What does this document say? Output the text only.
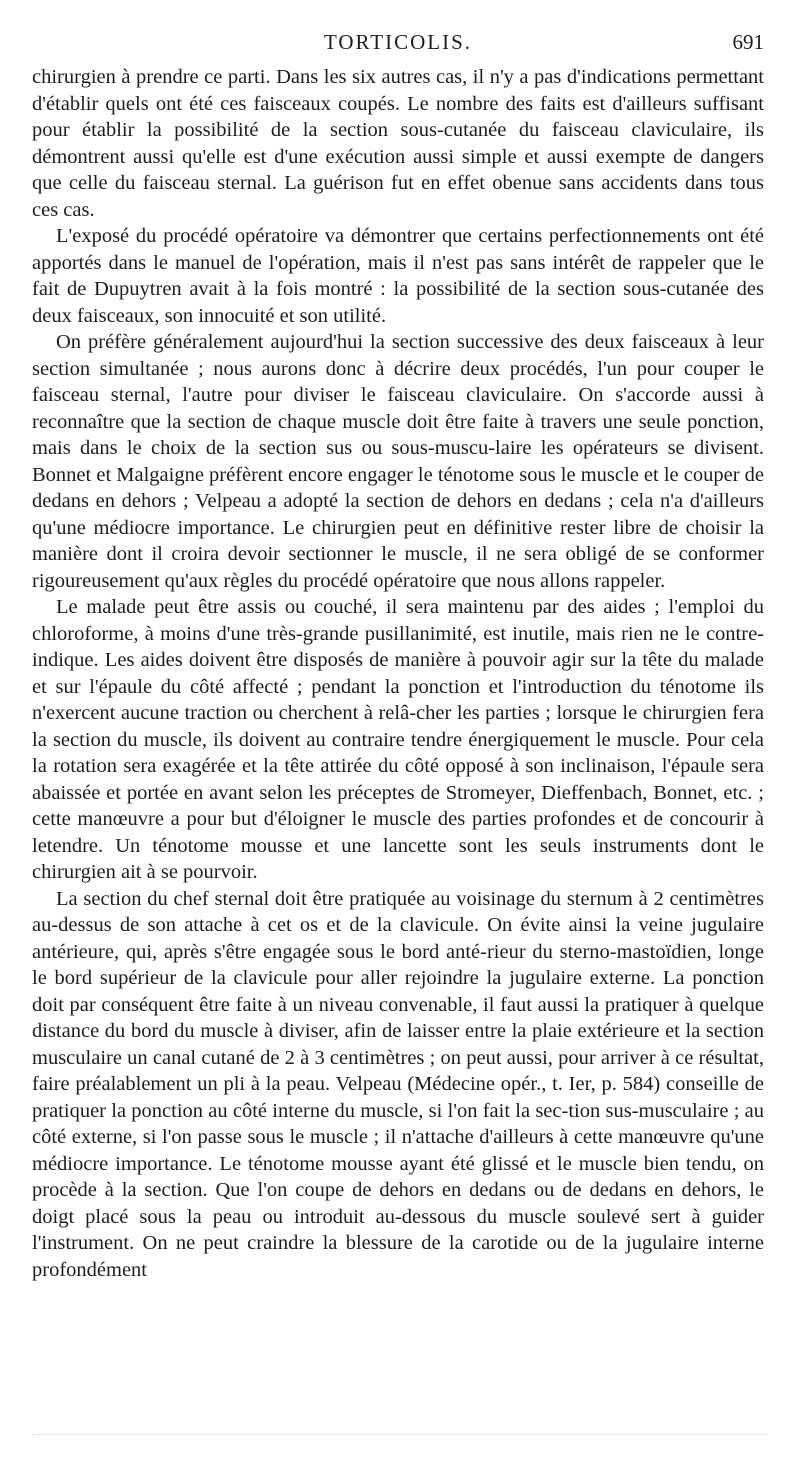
TORTICOLIS.	691

chirurgien à prendre ce parti. Dans les six autres cas, il n'y a pas d'indications permettant d'établir quels ont été ces faisceaux coupés. Le nombre des faits est d'ailleurs suffisant pour établir la possibilité de la section sous-cutanée du faisceau claviculaire, ils démontrent aussi qu'elle est d'une exécution aussi simple et aussi exempte de dangers que celle du faisceau sternal. La guérison fut en effet obenue sans accidents dans tous ces cas.

L'exposé du procédé opératoire va démontrer que certains perfectionnements ont été apportés dans le manuel de l'opération, mais il n'est pas sans intérêt de rappeler que le fait de Dupuytren avait à la fois montré : la possibilité de la section sous-cutanée des deux faisceaux, son innocuité et son utilité.

On préfère généralement aujourd'hui la section successive des deux faisceaux à leur section simultanée ; nous aurons donc à décrire deux procédés, l'un pour couper le faisceau sternal, l'autre pour diviser le faisceau claviculaire. On s'accorde aussi à reconnaître que la section de chaque muscle doit être faite à travers une seule ponction, mais dans le choix de la section sus ou sous-muscu-laire les opérateurs se divisent. Bonnet et Malgaigne préfèrent encore engager le ténotome sous le muscle et le couper de dedans en dehors ; Velpeau a adopté la section de dehors en dedans ; cela n'a d'ailleurs qu'une médiocre importance. Le chirurgien peut en définitive rester libre de choisir la manière dont il croira devoir sectionner le muscle, il ne sera obligé de se conformer rigoureusement qu'aux règles du procédé opératoire que nous allons rappeler.

Le malade peut être assis ou couché, il sera maintenu par des aides ; l'emploi du chloroforme, à moins d'une très-grande pusillanimité, est inutile, mais rien ne le contre-indique. Les aides doivent être disposés de manière à pouvoir agir sur la tête du malade et sur l'épaule du côté affecté ; pendant la ponction et l'introduction du ténotome ils n'exercent aucune traction ou cherchent à relâ-cher les parties ; lorsque le chirurgien fera la section du muscle, ils doivent au contraire tendre énergiquement le muscle. Pour cela la rotation sera exagérée et la tête attirée du côté opposé à son inclinaison, l'épaule sera abaissée et portée en avant selon les préceptes de Stromeyer, Dieffenbach, Bonnet, etc. ; cette manœuvre a pour but d'éloigner le muscle des parties profondes et de concourir à letendre. Un ténotome mousse et une lancette sont les seuls instruments dont le chirurgien ait à se pourvoir.

La section du chef sternal doit être pratiquée au voisinage du sternum à 2 centimètres au-dessus de son attache à cet os et de la clavicule. On évite ainsi la veine jugulaire antérieure, qui, après s'être engagée sous le bord anté-rieur du sterno-mastoïdien, longe le bord supérieur de la clavicule pour aller rejoindre la jugulaire externe. La ponction doit par conséquent être faite à un niveau convenable, il faut aussi la pratiquer à quelque distance du bord du muscle à diviser, afin de laisser entre la plaie extérieure et la section musculaire un canal cutané de 2 à 3 centimètres ; on peut aussi, pour arriver à ce résultat, faire préalablement un pli à la peau. Velpeau (Médecine opér., t. Ier, p. 584) conseille de pratiquer la ponction au côté interne du muscle, si l'on fait la sec-tion sus-musculaire ; au côté externe, si l'on passe sous le muscle ; il n'attache d'ailleurs à cette manœuvre qu'une médiocre importance. Le ténotome mousse ayant été glissé et le muscle bien tendu, on procède à la section. Que l'on coupe de dehors en dedans ou de dedans en dehors, le doigt placé sous la peau ou introduit au-dessous du muscle soulevé sert à guider l'instrument. On ne peut craindre la blessure de la carotide ou de la jugulaire interne profondément
